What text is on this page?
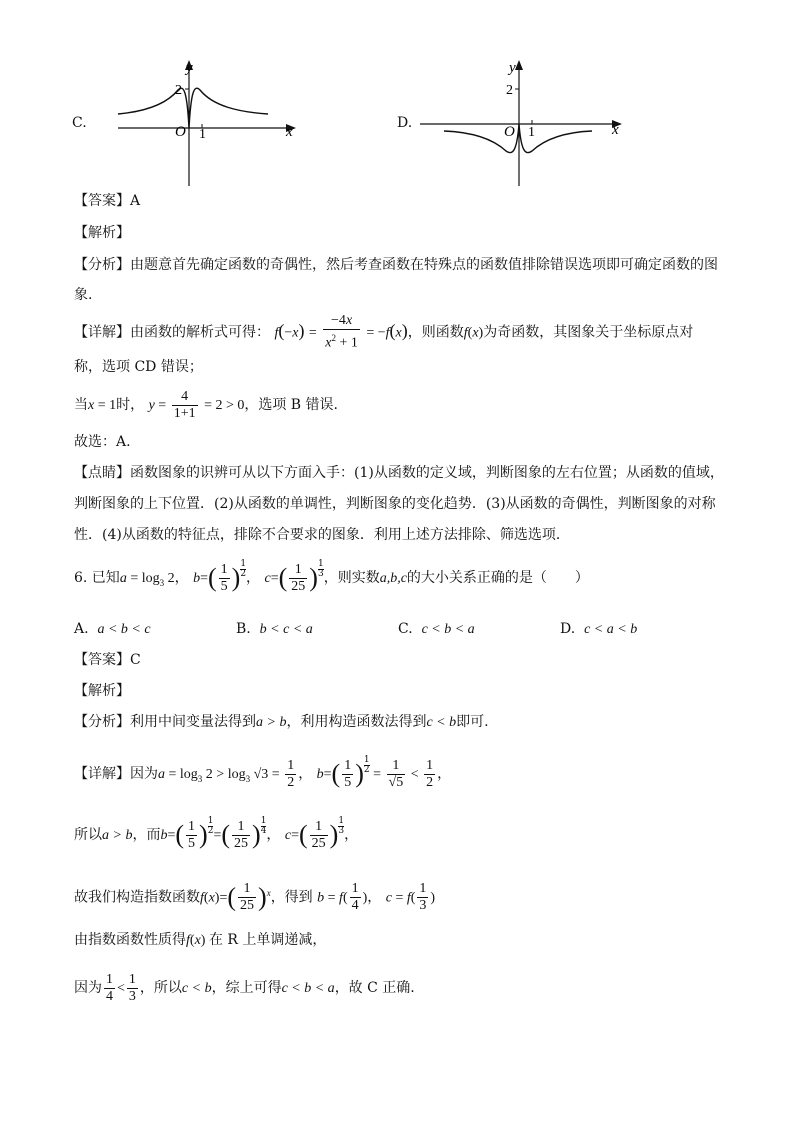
C.
y
x
O 1
2
D.
y
x
O 1
2
【答案】A
【解析】
【分析】由题意首先确定函数的奇偶性，然后考查函数在特殊点的函数值排除错误选项即可确定函数的图
象.
【详解】由函数的解析式可得： $f(-x) = \frac{-4x}{x^2 + 1} = -f(x)$，则函数f(x)为奇函数，其图象关于坐标原点对
称，选项 CD 错误；
当x = 1时， $y = \frac{4}{1+1} = 2 > 0$，选项 B 错误.
故选：A.
【点睛】函数图象的识辨可从以下方面入手：(1)从函数的定义域，判断图象的左右位置；从函数的值域，
判断图象的上下位置．(2)从函数的单调性，判断图象的变化趋势．(3)从函数的奇偶性，判断图象的对称
性．(4)从函数的特征点，排除不合要求的图象．利用上述方法排除、筛选选项．
6. 已知$a = \log_3 2$， $b=( \frac{1}{5}$ ) $\frac{1}{2}$ ， $c=( \frac{1}{25}$ ) $\frac{1}{3}$ ，则实数a,b,c的大小关系正确的是（　　）
A. a < b < c	B. b < c < a	C. c < b < a	D. c < a < b
【答案】C
【解析】
【分析】利用中间变量法得到a > b，利用构造函数法得到c < b即可.
【详解】因为$a = \log_3 2 > \log_3 √3 = \frac{1}{2}$ ， $b=( \frac{1}{5}$ ) $\frac{1}{2} = \frac{1}{√5} < \frac{1}{2}$ ，
所以a > b，而$b=( \frac{1}{5}$ ) $\frac{1}{2}$ =( $\frac{1}{25}$ ) $\frac{1}{4}$ ， $c=( \frac{1}{25}$ ) $\frac{1}{3}$ ，
故我们构造指数函数$f(x)=( \frac{1}{25} )^x$，得到 $b = f( \frac{1}{4}$ )， $c = f( \frac{1}{3}$ )
由指数函数性质得f(x) 在 R 上单调递减，
因为 $\frac{1}{4} < \frac{1}{3}$ ，所以c < b，综上可得c < b < a，故 C 正确.
